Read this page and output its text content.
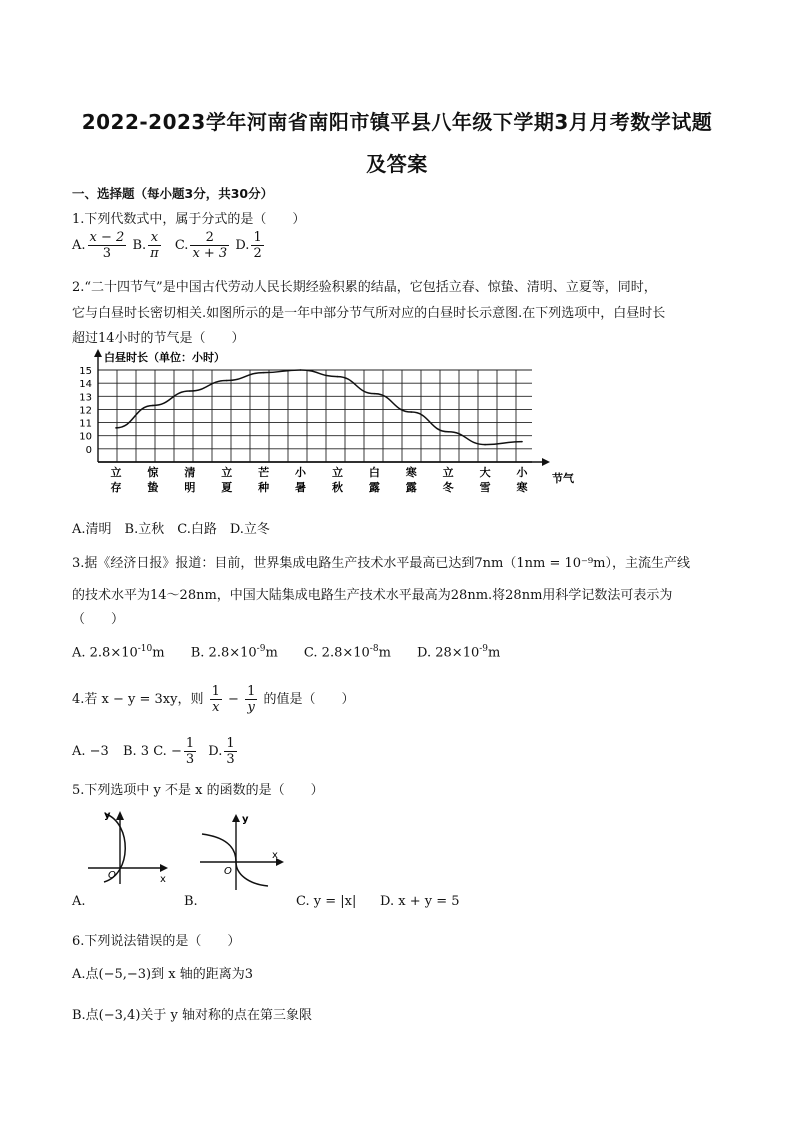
2022-2023学年河南省南阳市镇平县八年级下学期3月月考数学试题
及答案
一、选择题（每小题3分，共30分）
1.下列代数式中，属于分式的是（　　）
A. $\frac{x - 2}{3} B$. $\frac{x}{\pi} C$. $\frac{2}{x + 3} D$. $\frac{1}{2}$
2.“二十四节气”是中国古代劳动人民长期经验积累的结晶，它包括立春、惊蛰、清明、立夏等，同时，
它与白昼时长密切相关.如图所示的是一年中部分节气所对应的白昼时长示意图.在下列选项中，白昼时长
超过14小时的节气是（　　）
白昼时长（单位：小时）
15
14
13
12
11
10
0
立
存
惊
蛰
清
明
立
夏
芒
种
小
暑
立
秋
白
露
寒
露
立
冬
大
雪
小
寒
节气
A.清明　B.立秋　C.白路　D.立冬
3.据《经济日报》报道：目前，世界集成电路生产技术水平最高已达到7nm（1nm = 10⁻⁹m），主流生产线
的技术水平为14～28nm，中国大陆集成电路生产技术水平最高为28nm.将28nm用科学记数法可表示为
（　　）
A. $2.8\times 10^{-10}m$ B. $2.8\times 10^{-9}m$ C. $2.8\times 10^{-8}m$ D. $28\times 10^{-9}m$
4.若 x − y = 3xy，则 $\frac{1}{x} - \frac{1}{y}$ 的值是（　　）
A. −3 B. 3 C. − $\frac{1}{3} D$. $\frac{1}{3}$
5.下列选项中 y 不是 x 的函数的是（　　）
y
O	x
A.
y
O
x
B.	C. y = |x| D. x + y = 5
6.下列说法错误的是（　　）
A.点(−5,−3)到 x 轴的距离为3
B.点(−3,4)关于 y 轴对称的点在第三象限
